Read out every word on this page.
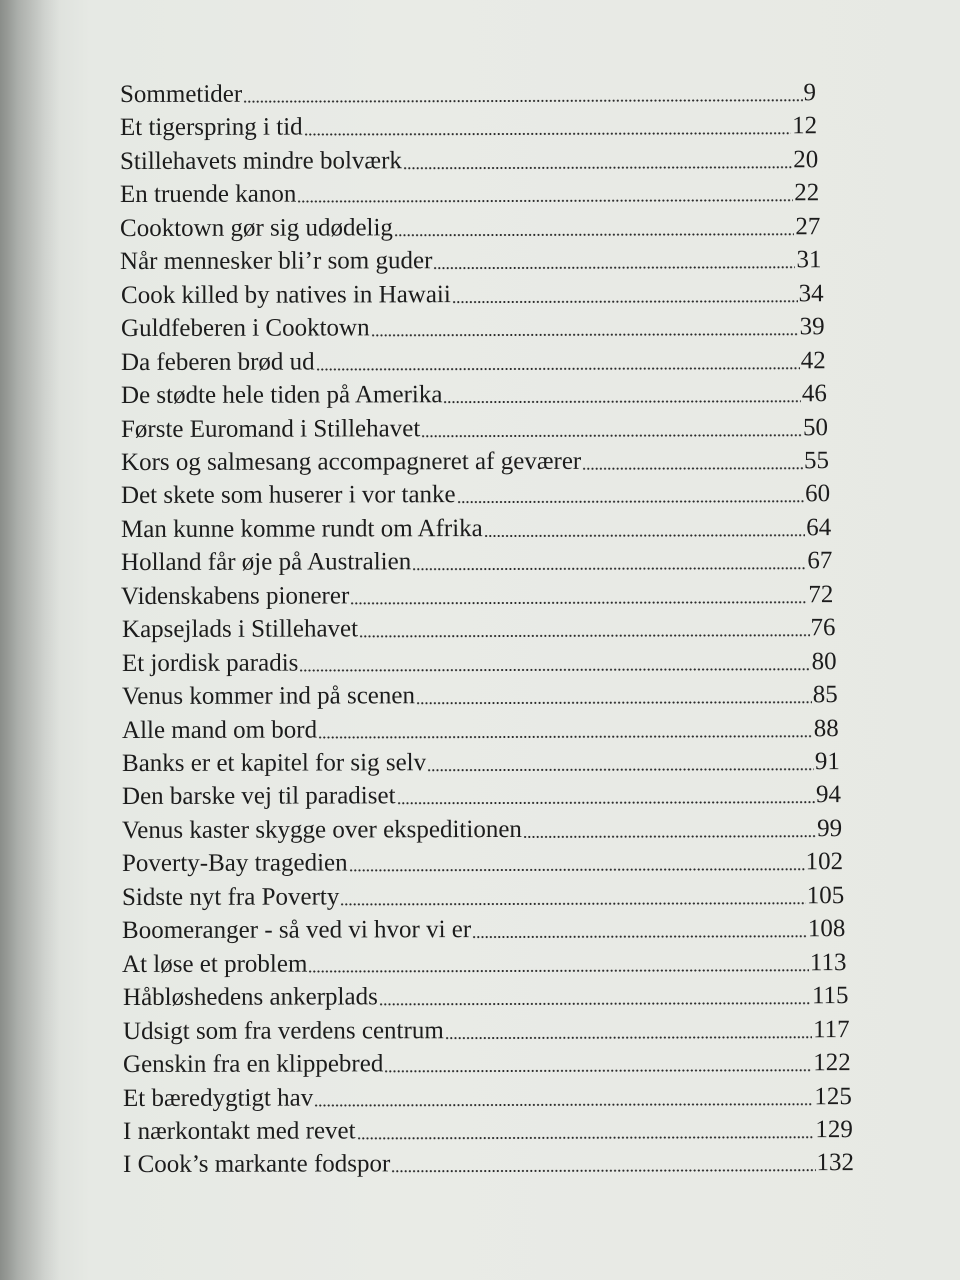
Sommetider	9
Et tigerspring i tid	12
Stillehavets mindre bolværk	20
En truende kanon	22
Cooktown gør sig udødelig	27
Når mennesker bli’r som guder	31
Cook killed by natives in Hawaii	34
Guldfeberen i Cooktown	39
Da feberen brød ud	42
De stødte hele tiden på Amerika	46
Første Euromand i Stillehavet	50
Kors og salmesang accompagneret af geværer	55
Det skete som huserer i vor tanke	60
Man kunne komme rundt om Afrika	64
Holland får øje på Australien	67
Videnskabens pionerer	72
Kapsejlads i Stillehavet	76
Et jordisk paradis	80
Venus kommer ind på scenen	85
Alle mand om bord	88
Banks er et kapitel for sig selv	91
Den barske vej til paradiset	94
Venus kaster skygge over ekspeditionen	99
Poverty-Bay tragedien	102
Sidste nyt fra Poverty	105
Boomeranger - så ved vi hvor vi er	108
At løse et problem	113
Håbløshedens ankerplads	115
Udsigt som fra verdens centrum	117
Genskin fra en klippebred	122
Et bæredygtigt hav	125
I nærkontakt med revet	129
I Cook’s markante fodspor	132
